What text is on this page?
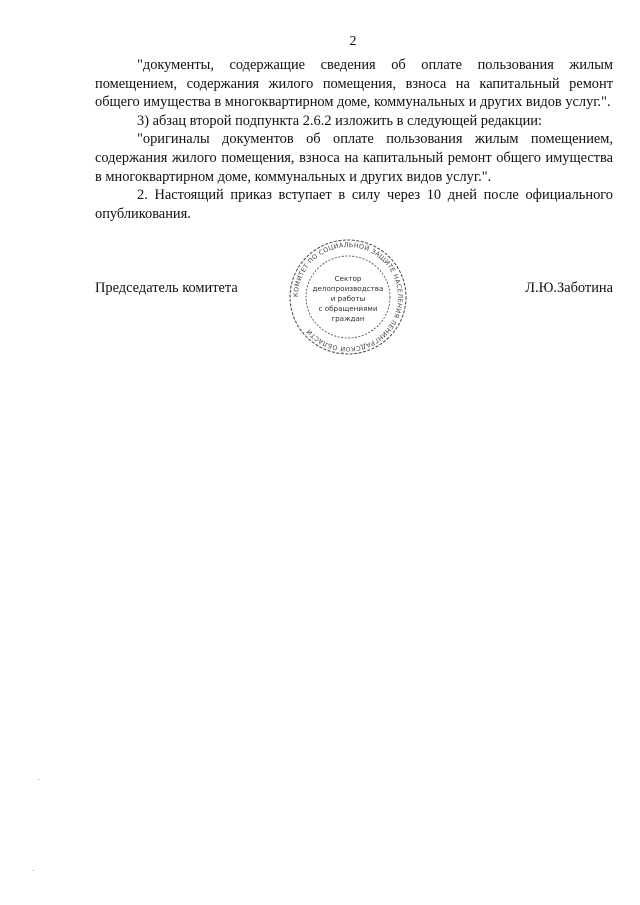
2

"документы, содержащие сведения об оплате пользования жилым помещением, содержания жилого помещения, взноса на капитальный ремонт общего имущества в многоквартирном доме, коммунальных и других видов услуг.".

3) абзац второй подпункта 2.6.2 изложить в следующей редакции:

"оригиналы документов об оплате пользования жилым помещением, содержания жилого помещения, взноса на капитальный ремонт общего имущества в многоквартирном доме, коммунальных и других видов услуг.".

2. Настоящий приказ вступает в силу через 10 дней после официального опубликования.

Председатель комитета	Л.Ю.Заботина
КОМИТЕТ ПО СОЦИАЛЬНОЙ ЗАЩИТЕ НАСЕЛЕНИЯ ЛЕНИНГРАДСКОЙ ОБЛАСТИ
Сектор
делопроизводства
и работы
с обращениями
граждан
